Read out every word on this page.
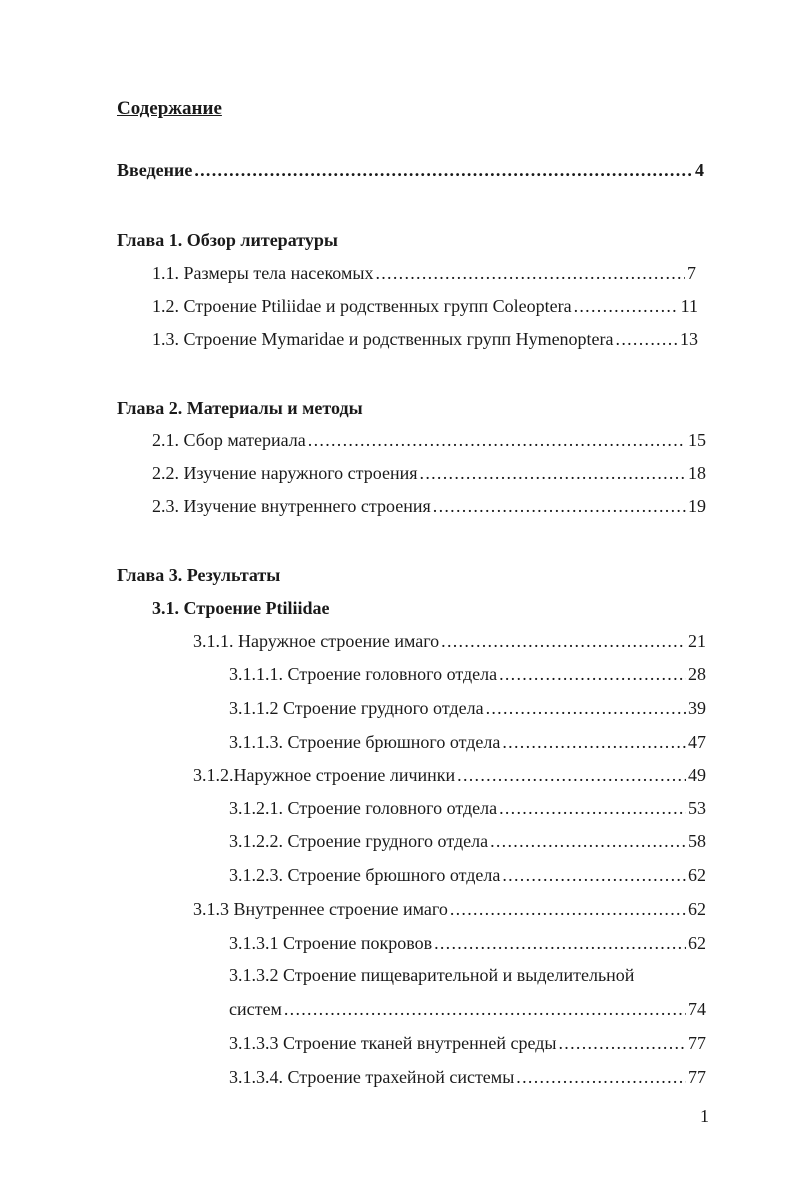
Содержание
Введение . . .	4
Глава 1. Обзор литературы
1.1. Размеры тела насекомых . . .	7
1.2. Строение Ptiliidae и родственных групп Coleoptera . . .	11
1.3. Строение Mymaridae и родственных групп Hymenoptera . . .	13
Глава 2. Материалы и методы
2.1. Сбор материала . . .	15
2.2. Изучение наружного строения . . .	18
2.3. Изучение внутреннего строения . . .	19
Глава 3. Результаты
3.1. Строение Ptiliidae
3.1.1. Наружное строение имаго . . .	21
3.1.1.1. Строение головного отдела . . .	28
3.1.1.2 Строение грудного отдела . . .	39
3.1.1.3. Строение брюшного отдела . . .	47
3.1.2.Наружное строение личинки . . .	49
3.1.2.1. Строение головного отдела . . .	53
3.1.2.2. Строение грудного отдела . . .	58
3.1.2.3. Строение брюшного отдела . . .	62
3.1.3 Внутреннее строение имаго . . .	62
3.1.3.1 Строение покровов . . .	62
3.1.3.2 Строение пищеварительной и выделительной
систем . . .	74
3.1.3.3 Строение тканей внутренней среды . . .	77
3.1.3.4. Строение трахейной системы . . .	77
1
